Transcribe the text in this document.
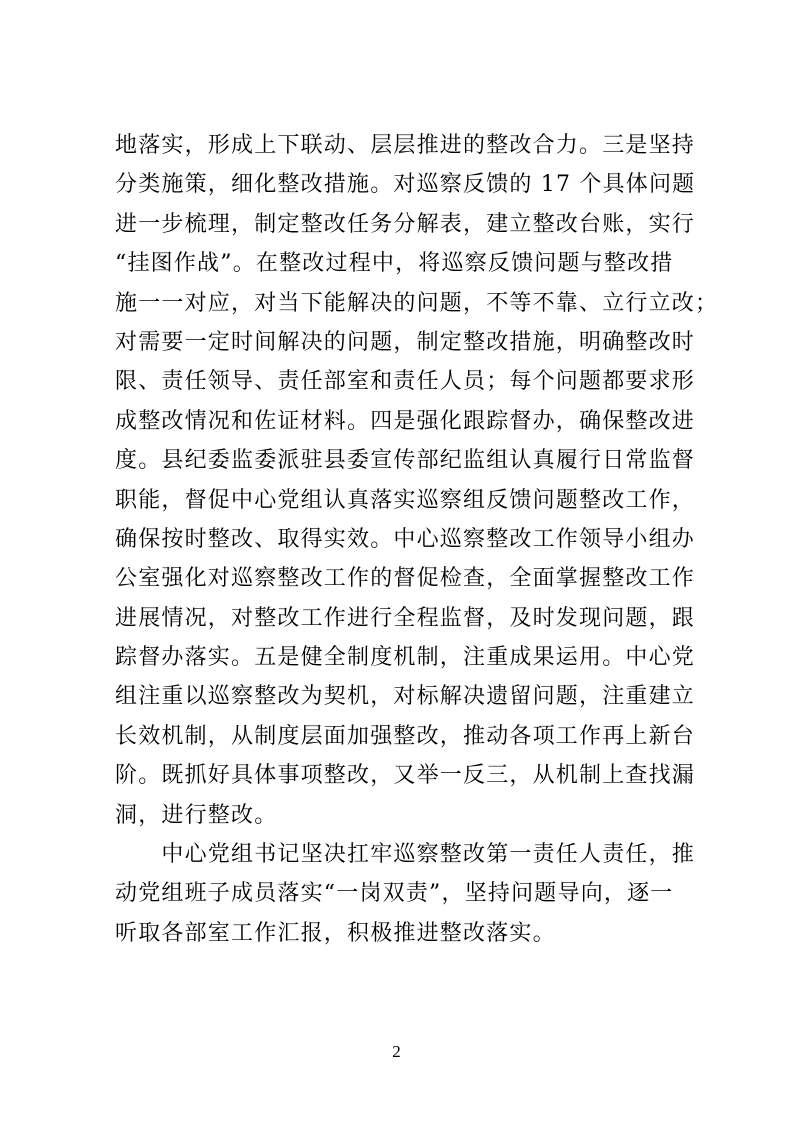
地落实，形成上下联动、层层推进的整改合力。三是坚持
分类施策，细化整改措施。对巡察反馈的 17 个具体问题
进一步梳理，制定整改任务分解表，建立整改台账，实行
“挂图作战”。在整改过程中，将巡察反馈问题与整改措
施一一对应，对当下能解决的问题，不等不靠、立行立改；
对需要一定时间解决的问题，制定整改措施，明确整改时
限、责任领导、责任部室和责任人员；每个问题都要求形
成整改情况和佐证材料。四是强化跟踪督办，确保整改进
度。县纪委监委派驻县委宣传部纪监组认真履行日常监督
职能，督促中心党组认真落实巡察组反馈问题整改工作，
确保按时整改、取得实效。中心巡察整改工作领导小组办
公室强化对巡察整改工作的督促检查，全面掌握整改工作
进展情况，对整改工作进行全程监督，及时发现问题，跟
踪督办落实。五是健全制度机制，注重成果运用。中心党
组注重以巡察整改为契机，对标解决遗留问题，注重建立
长效机制，从制度层面加强整改，推动各项工作再上新台
阶。既抓好具体事项整改，又举一反三，从机制上查找漏
洞，进行整改。
　　中心党组书记坚决扛牢巡察整改第一责任人责任，推
动党组班子成员落实“一岗双责”，坚持问题导向，逐一
听取各部室工作汇报，积极推进整改落实。
2
